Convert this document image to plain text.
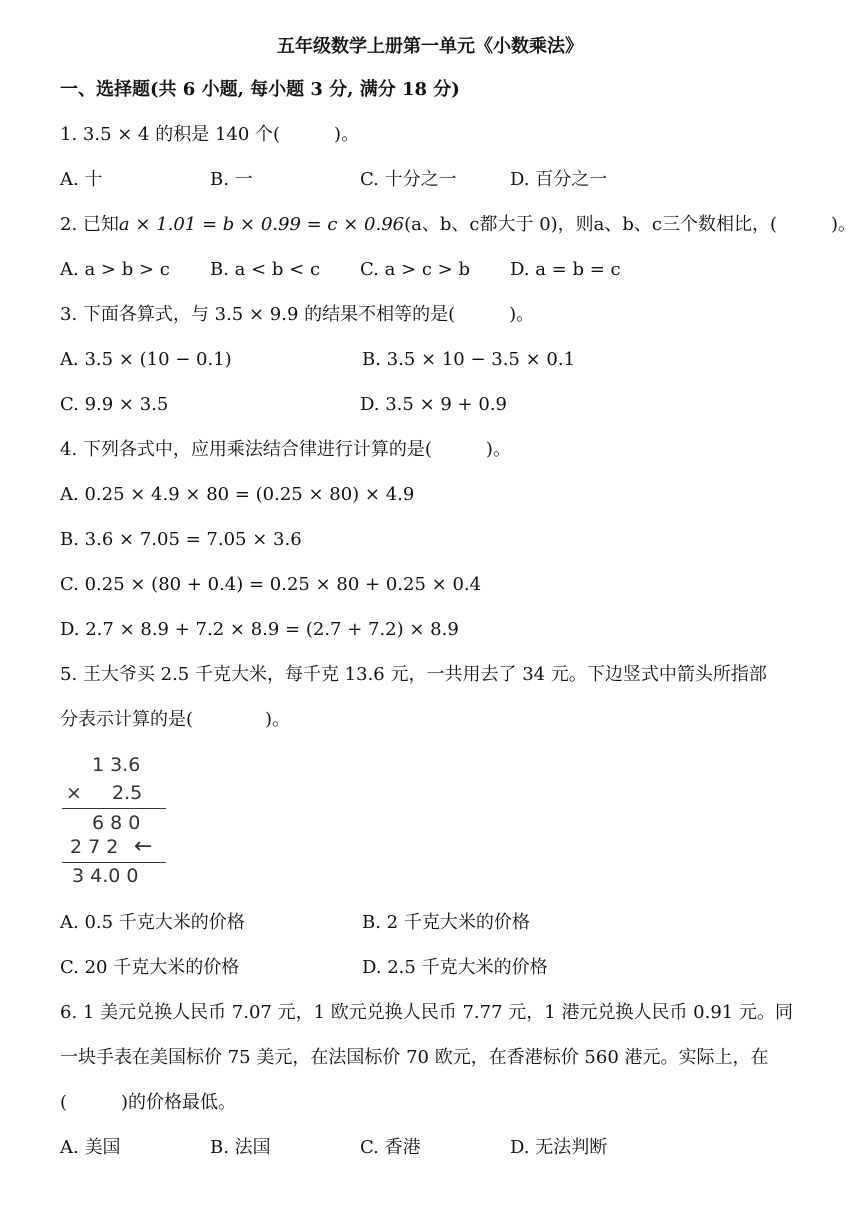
五年级数学上册第一单元《小数乘法》
一、选择题(共 6 小题, 每小题 3 分, 满分 18 分)
1. 3.5 × 4 的积是 140 个(　　　)。
A. 十	B. 一	C. 十分之一	D. 百分之一
2. 已知a × 1.01 = b × 0.99 = c × 0.96(a、b、c都大于 0)，则a、b、c三个数相比，(　　　)。
A. a > b > c B. a < b < c C. a > c > b D. a = b = c
3. 下面各算式，与 3.5 × 9.9 的结果不相等的是(　　　)。
A. 3.5 × (10 − 0.1)	B. 3.5 × 10 − 3.5 × 0.1
C. 9.9 × 3.5	D. 3.5 × 9 + 0.9
4. 下列各式中，应用乘法结合律进行计算的是(　　　)。
A. 0.25 × 4.9 × 80 = (0.25 × 80) × 4.9
B. 3.6 × 7.05 = 7.05 × 3.6
C. 0.25 × (80 + 0.4) = 0.25 × 80 + 0.25 × 0.4
D. 2.7 × 8.9 + 7.2 × 8.9 = (2.7 + 7.2) × 8.9
5. 王大爷买 2.5 千克大米，每千克 13.6 元，一共用去了 34 元。下边竖式中箭头所指部
分表示计算的是(　　　　)。
1 3.6
× 2.5
6 8 0
2 7 2 ←
3 4.0 0
A. 0.5 千克大米的价格	B. 2 千克大米的价格
C. 20 千克大米的价格	D. 2.5 千克大米的价格
6. 1 美元兑换人民币 7.07 元，1 欧元兑换人民币 7.77 元，1 港元兑换人民币 0.91 元。同
一块手表在美国标价 75 美元，在法国标价 70 欧元，在香港标价 560 港元。实际上，在
(　　　)的价格最低。
A. 美国	B. 法国	C. 香港	D. 无法判断
